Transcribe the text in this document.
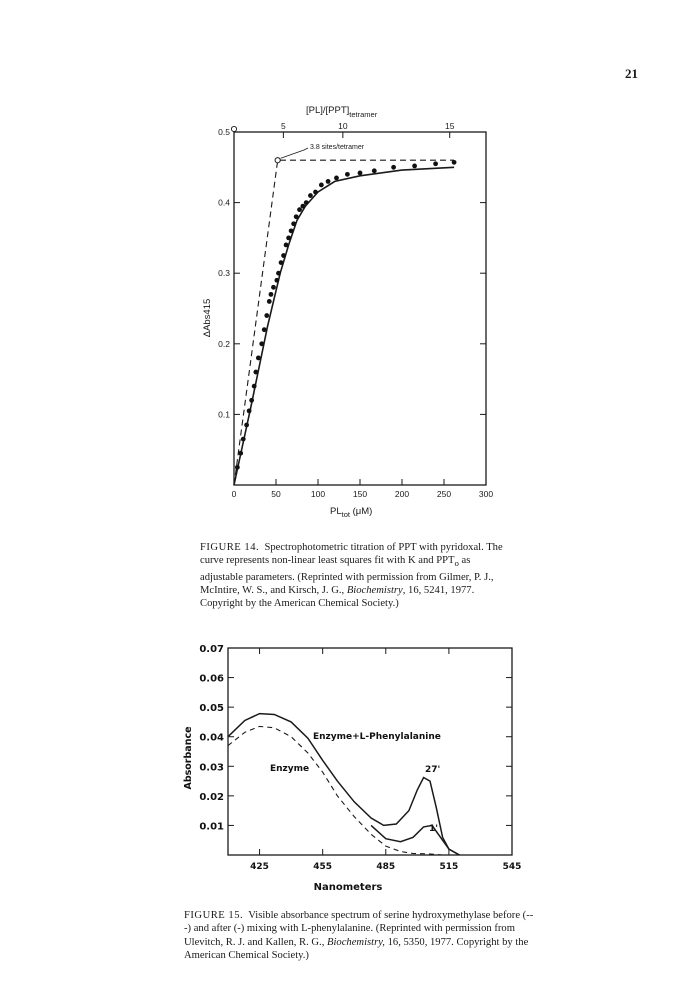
21
0	50	100	150	200	250	300
0.1
0.2
0.3
0.4
0.5
5	10	15
$[PL]/[PPT]_{tetramer}$
$PL_{tot}$ (μM)
ΔAbs415
3.8 sites/tetramer
425	455	485	515	545
0.01
0.02
0.03
0.04
0.05
0.06
0.07
Nanometers
Absorbance	Enzyme+L-Phenylalanine
Enzyme	27'
1'

FIGURE 14. Spectrophotometric titration of PPT with pyridoxal. The curve represents non-linear least squares fit with K and $PPT_o$ as adjustable parameters. (Reprinted with permission from Gilmer, P. J., McIntire, W. S., and Kirsch, J. G., Biochemistry, 16, 5241, 1977. Copyright by the American Chemical Society.)

FIGURE 15. Visible absorbance spectrum of serine hydroxymethylase before (---) and after (-) mixing with L-phenylalanine. (Reprinted with permission from Ulevitch, R. J. and Kallen, R. G., Biochemistry, 16, 5350, 1977. Copyright by the American Chemical Society.)
